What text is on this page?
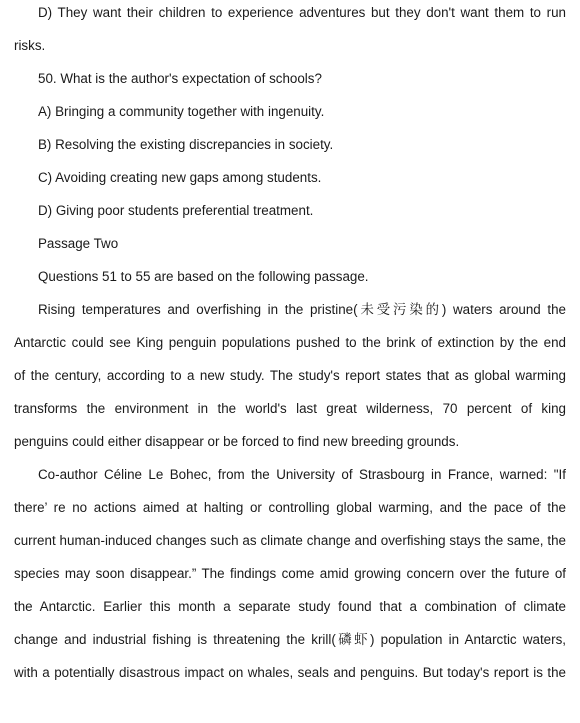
D) They want their children to experience adventures but they don't want them to run
risks.
50. What is the author's expectation of schools?
A) Bringing a community together with ingenuity.
B) Resolving the existing discrepancies in society.
C) Avoiding creating new gaps among students.
D) Giving poor students preferential treatment.
Passage Two
Questions 51 to 55 are based on the following passage.
Rising temperatures and overfishing in the pristine(未受污染的) waters around the
Antarctic could see King penguin populations pushed to the brink of extinction by the end
of the century, according to a new study. The study's report states that as global warming
transforms the environment in the world's last great wilderness, 70 percent of king
penguins could either disappear or be forced to find new breeding grounds.
Co-author Céline Le Bohec, from the University of Strasbourg in France, warned: "If
there’ re no actions aimed at halting or controlling global warming, and the pace of the
current human-induced changes such as climate change and overfishing stays the same, the
species may soon disappear.” The findings come amid growing concern over the future of
the Antarctic. Earlier this month a separate study found that a combination of climate
change and industrial fishing is threatening the krill(磷虾) population in Antarctic waters,
with a potentially disastrous impact on whales, seals and penguins. But today's report is the
